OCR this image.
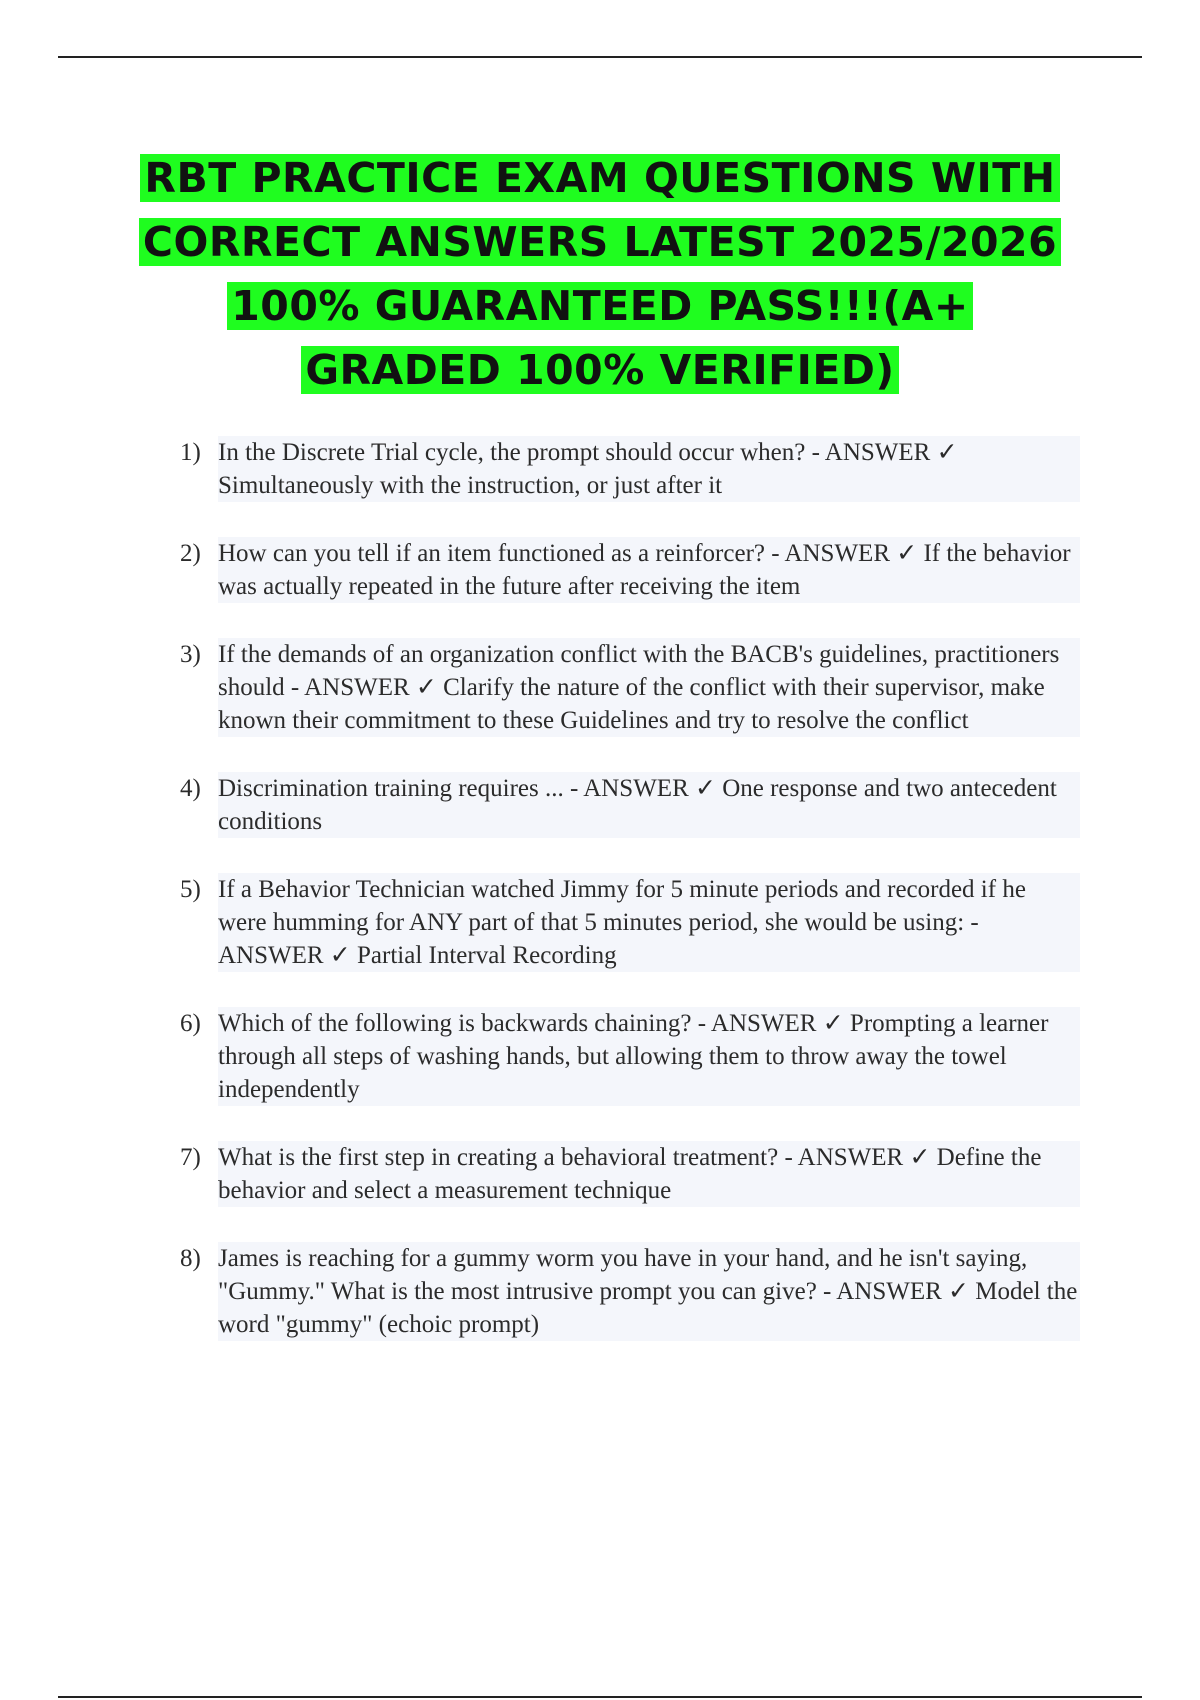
RBT PRACTICE EXAM QUESTIONS WITH
CORRECT ANSWERS LATEST 2025/2026
100% GUARANTEED PASS!!!(A+
GRADED 100% VERIFIED)
1) In the Discrete Trial cycle, the prompt should occur when? - ANSWER ✓ Simultaneously with the instruction, or just after it
2) How can you tell if an item functioned as a reinforcer? - ANSWER ✓ If the behavior was actually repeated in the future after receiving the item
3) If the demands of an organization conflict with the BACB's guidelines, practitioners should - ANSWER ✓ Clarify the nature of the conflict with their supervisor, make known their commitment to these Guidelines and try to resolve the conflict
4) Discrimination training requires ... - ANSWER ✓ One response and two antecedent conditions
5) If a Behavior Technician watched Jimmy for 5 minute periods and recorded if he were humming for ANY part of that 5 minutes period, she would be using: - ANSWER ✓ Partial Interval Recording
6) Which of the following is backwards chaining? - ANSWER ✓ Prompting a learner through all steps of washing hands, but allowing them to throw away the towel independently
7) What is the first step in creating a behavioral treatment? - ANSWER ✓ Define the behavior and select a measurement technique
8) James is reaching for a gummy worm you have in your hand, and he isn't saying, "Gummy." What is the most intrusive prompt you can give? - ANSWER ✓ Model the word "gummy" (echoic prompt)
